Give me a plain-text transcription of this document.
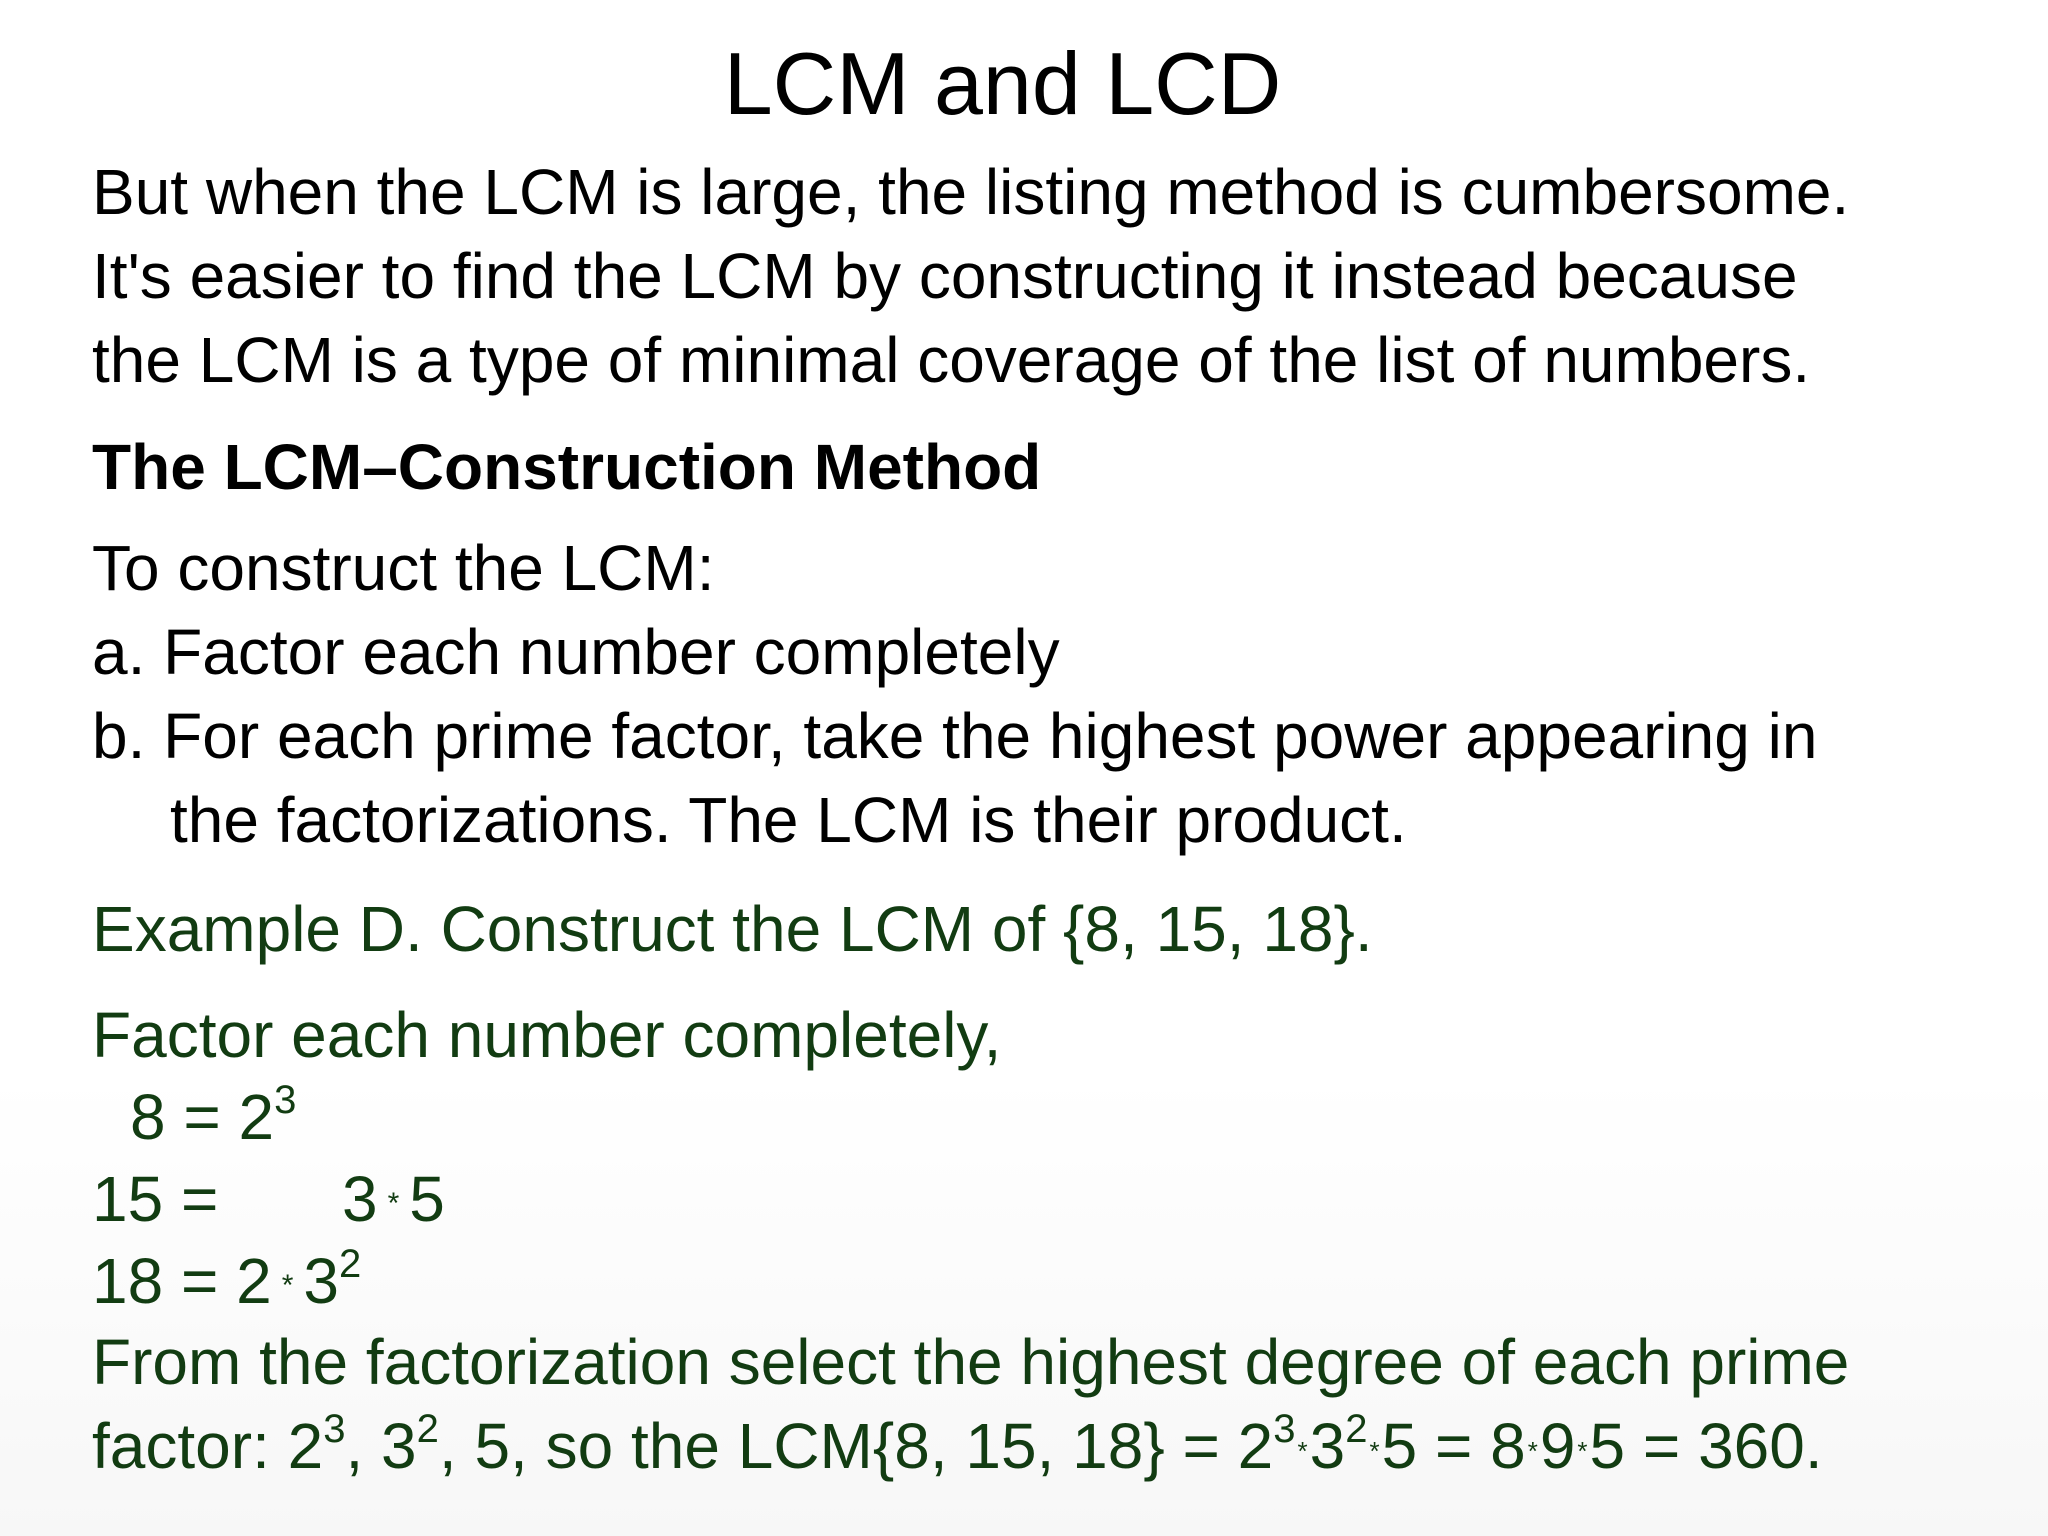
LCM and LCD
But when the LCM is large, the listing method is cumbersome.
It's easier to find the LCM by constructing it instead because
the LCM is a type of minimal coverage of the list of numbers.
The LCM–Construction Method
To construct the LCM:
a. Factor each number completely
b. For each prime factor, take the highest power appearing in
the factorizations. The LCM is their product.
Example D. Construct the LCM of {8, 15, 18}.
Factor each number completely,
$8 = 2^3$
15 = 3 * 5
$18 = 2 * 3^2$
From the factorization select the highest degree of each prime
factor: $2^3$, $3^2$, 5, so the LCM{8, 15, $18\} = 2^3*3^2*5 = 8*9*5 = 360$.
